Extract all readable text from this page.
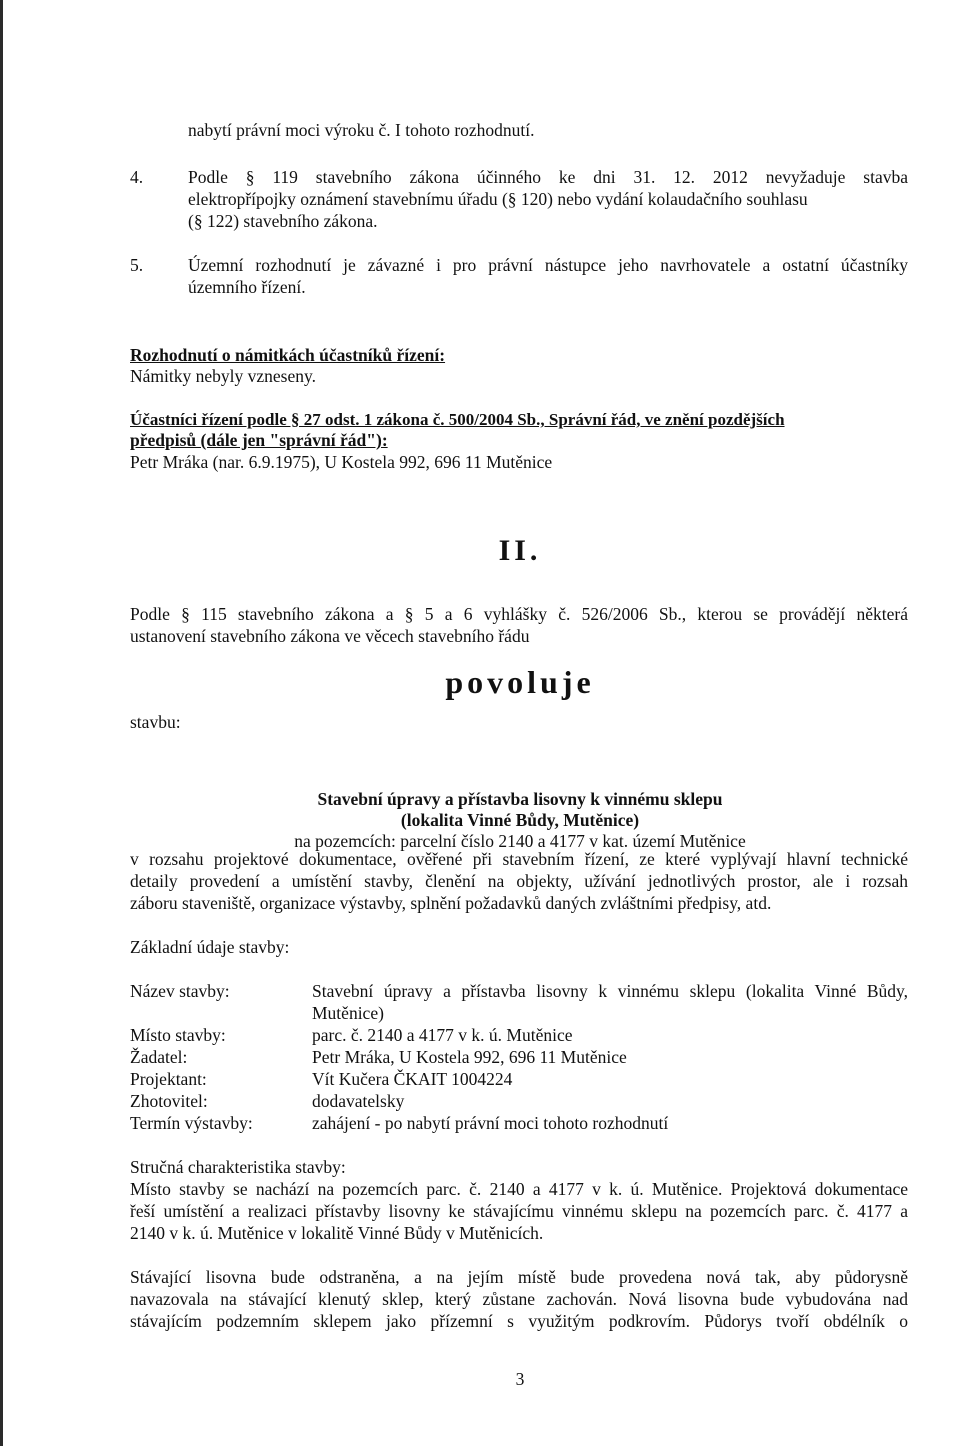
nabytí právní moci výroku č. I tohoto rozhodnutí.
4.	Podle § 119 stavebního zákona účinného ke dni 31. 12. 2012 nevyžaduje stavba
elektropřípojky oznámení stavebnímu úřadu (§ 120) nebo vydání kolaudačního souhlasu
(§ 122) stavebního zákona.
5.	Územní rozhodnutí je závazné i pro právní nástupce jeho navrhovatele a ostatní účastníky
územního řízení.
Rozhodnutí o námitkách účastníků řízení:
Námitky nebyly vzneseny.
Účastníci řízení podle § 27 odst. 1 zákona č. 500/2004 Sb., Správní řád, ve znění pozdějších
předpisů (dále jen "správní řád"):
Petr Mráka (nar. 6.9.1975), U Kostela 992, 696 11 Mutěnice
II.
Podle § 115 stavebního zákona a § 5 a 6 vyhlášky č. 526/2006 Sb., kterou se provádějí některá
ustanovení stavebního zákona ve věcech stavebního řádu
povoluje
stavbu:
Stavební úpravy a přístavba lisovny k vinnému sklepu
(lokalita Vinné Bůdy, Mutěnice)
na pozemcích: parcelní číslo 2140 a 4177 v kat. území Mutěnice
v rozsahu projektové dokumentace, ověřené při stavebním řízení, ze které vyplývají hlavní technické
detaily provedení a umístění stavby, členění na objekty, užívání jednotlivých prostor, ale i rozsah
záboru staveniště, organizace výstavby, splnění požadavků daných zvláštními předpisy, atd.
Základní údaje stavby:
Název stavby:	Stavební úpravy a přístavba lisovny k vinnému sklepu (lokalita Vinné Bůdy,
Mutěnice)
Místo stavby:	parc. č. 2140 a 4177 v k. ú. Mutěnice
Žadatel:	Petr Mráka, U Kostela 992, 696 11 Mutěnice
Projektant:	Vít Kučera ČKAIT 1004224
Zhotovitel:	dodavatelsky
Termín výstavby:	zahájení - po nabytí právní moci tohoto rozhodnutí
Stručná charakteristika stavby:
Místo stavby se nachází na pozemcích parc. č. 2140 a 4177 v k. ú. Mutěnice. Projektová dokumentace
řeší umístění a realizaci přístavby lisovny ke stávajícímu vinnému sklepu na pozemcích parc. č. 4177 a
2140 v k. ú. Mutěnice v lokalitě Vinné Bůdy v Mutěnicích.
Stávající lisovna bude odstraněna, a na jejím místě bude provedena nová tak, aby půdorysně
navazovala na stávající klenutý sklep, který zůstane zachován. Nová lisovna bude vybudována nad
stávajícím podzemním sklepem jako přízemní s využitým podkrovím. Půdorys tvoří obdélník o
3
